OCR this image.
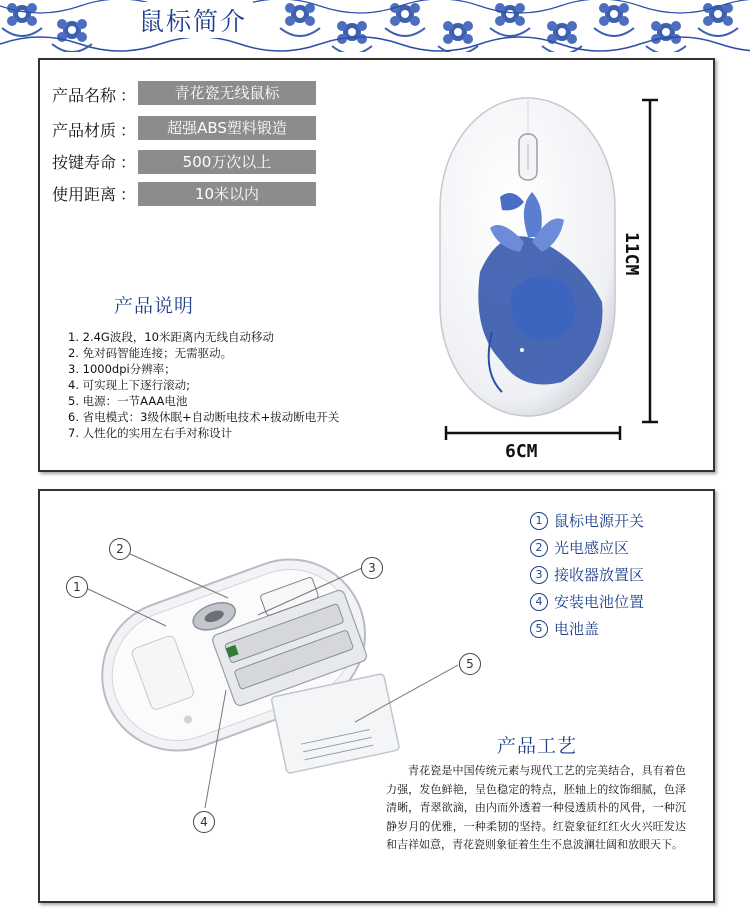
鼠标简介
产品名称 ：	青花瓷无线鼠标
产品材质 ：	超强ABS塑料锻造
按键寿命 ：	500万次以上
使用距离 ：	10米以内
产品说明
1. 2.4G波段，10米距离内无线自动移动
2. 免对码智能连接；无需驱动。
3. 1000dpi分辨率；
4. 可实现上下逐行滚动;
5. 电源：一节AAA电池
6. 省电模式：3级休眠+自动断电技术+拔动断电开关
7. 人性化的实用左右手对称设计
11CM
6CM
1
2
3
4
5
1 鼠标电源开关
2 光电感应区
3 接收器放置区
4 安装电池位置
5 电池盖
产品工艺
青花瓷是中国传统元素与现代工艺的完美结合，具有着色力强，发色鲜艳，呈色稳定的特点，胚轴上的纹饰细腻，色泽清晰，青翠欲滴，由内而外透着一种侵透质朴的风骨，一种沉静岁月的优雅，一种柔韧的坚持。红瓷象征红红火火兴旺发达和吉祥如意，青花瓷则象征着生生不息波澜壮阔和放眼天下。
